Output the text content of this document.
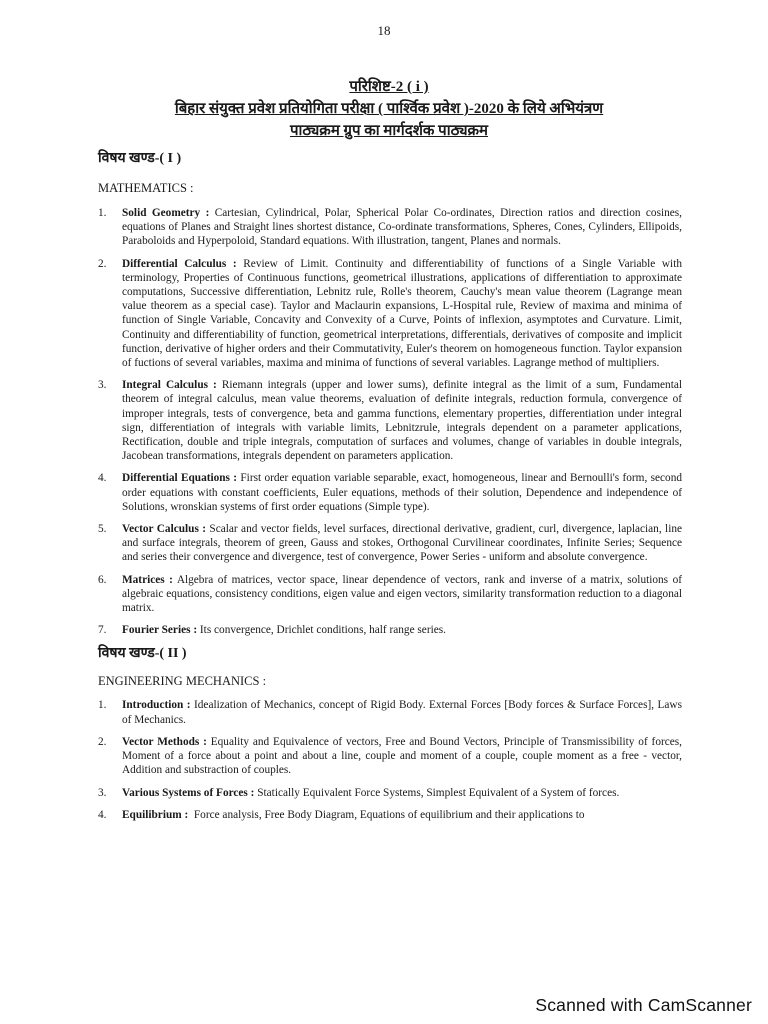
18
परिशिष्ट-2 ( i )
बिहार संयुक्त प्रवेश प्रतियोगिता परीक्षा ( पार्श्विक प्रवेश )-2020 के लिये अभियंत्रण
पाठ्यक्रम ग्रुप का मार्गदर्शक पाठ्यक्रम
विषय खण्ड-( I )
MATHEMATICS :
1.	Solid Geometry : Cartesian, Cylindrical, Polar, Spherical Polar Co-ordinates, Direction ratios and direction cosines, equations of Planes and Straight lines shortest distance, Co-ordinate transformations, Spheres, Cones, Cylinders, Ellipoids, Paraboloids and Hyperpoloid, Standard equations. With illustration, tangent, Planes and normals.
2.	Differential Calculus : Review of Limit. Continuity and differentiability of functions of a Single Variable with terminology, Properties of Continuous functions, geometrical illustrations, applications of differentiation to approximate computations, Successive differentiation, Lebnitz rule, Rolle's theorem, Cauchy's mean value theorem (Lagrange mean value theorem as a special case). Taylor and Maclaurin expansions, L-Hospital rule, Review of maxima and minima of function of Single Variable, Concavity and Convexity of a Curve, Points of inflexion, asymptotes and Curvature. Limit, Continuity and differentiability of function, geometrical interpretations, differentials, derivatives of composite and implicit function, derivative of higher orders and their Commutativity, Euler's theorem on homogeneous function. Taylor expansion of fuctions of several variables, maxima and minima of functions of several variables. Lagrange method of multipliers.
3.	Integral Calculus : Riemann integrals (upper and lower sums), definite integral as the limit of a sum, Fundamental theorem of integral calculus, mean value theorems, evaluation of definite integrals, reduction formula, convergence of improper integrals, tests of convergence, beta and gamma functions, elementary properties, differentiation under integral sign, differentiation of integrals with variable limits, Lebnitzrule, integrals dependent on a parameter applications, Rectification, double and triple integrals, computation of surfaces and volumes, change of variables in double integrals, Jacobean transformations, integrals dependent on parameters application.
4.	Differential Equations : First order equation variable separable, exact, homogeneous, linear and Bernoulli's form, second order equations with constant coefficients, Euler equations, methods of their solution, Dependence and independence of Solutions, wronskian systems of first order equations (Simple type).
5.	Vector Calculus : Scalar and vector fields, level surfaces, directional derivative, gradient, curl, divergence, laplacian, line and surface integrals, theorem of green, Gauss and stokes, Orthogonal Curvilinear coordinates, Infinite Series; Sequence and series their convergence and divergence, test of convergence, Power Series - uniform and absolute convergence.
6.	Matrices : Algebra of matrices, vector space, linear dependence of vectors, rank and inverse of a matrix, solutions of algebraic equations, consistency conditions, eigen value and eigen vectors, similarity transformation reduction to a diagonal matrix.
7.	Fourier Series : Its convergence, Drichlet conditions, half range series.
विषय खण्ड-( II )
ENGINEERING MECHANICS :
1.	Introduction : Idealization of Mechanics, concept of Rigid Body. External Forces [Body forces & Surface Forces], Laws of Mechanics.
2.	Vector Methods : Equality and Equivalence of vectors, Free and Bound Vectors, Principle of Transmissibility of forces, Moment of a force about a point and about a line, couple and moment of a couple, couple moment as a free - vector, Addition and substraction of couples.
3.	Various Systems of Forces : Statically Equivalent Force Systems, Simplest Equivalent of a System of forces.
4.	Equilibrium :  Force analysis, Free Body Diagram, Equations of equilibrium and their applications to
Scanned with CamScanner
